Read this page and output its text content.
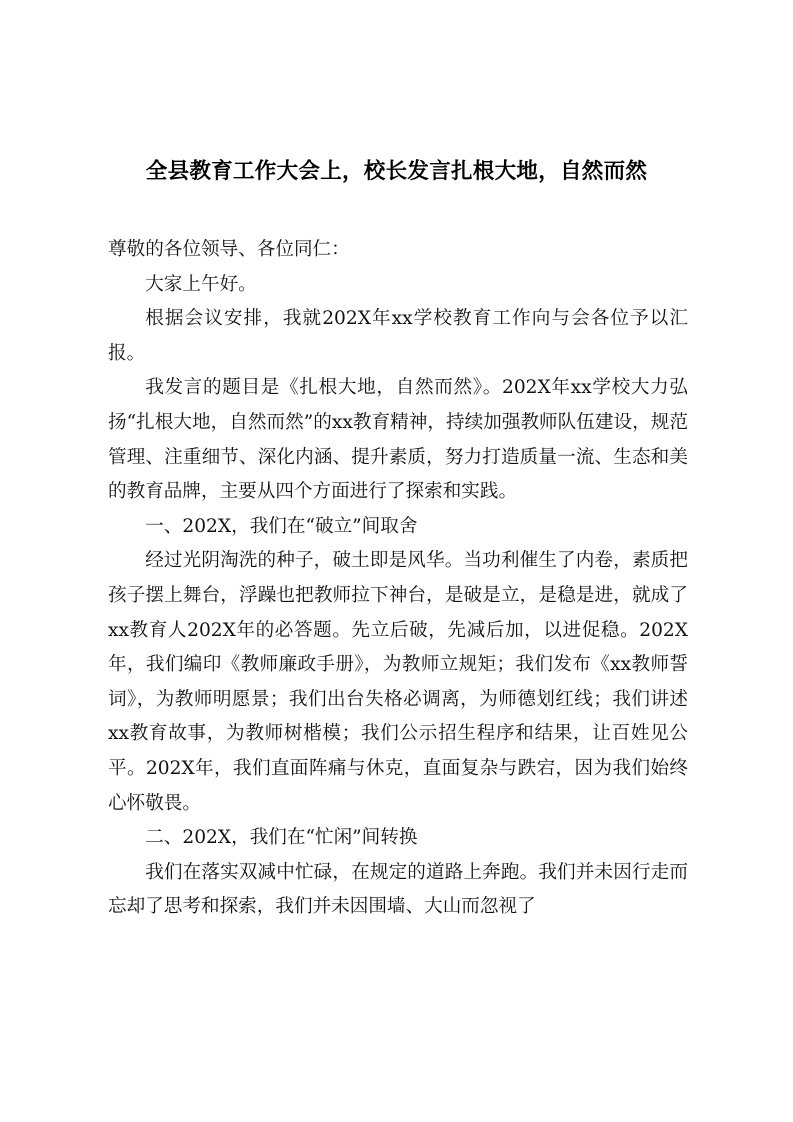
全县教育工作大会上，校长发言扎根大地，自然而然

尊敬的各位领导、各位同仁：

大家上午好。

根据会议安排，我就202X年xx学校教育工作向与会各位予以汇报。

我发言的题目是《扎根大地，自然而然》。202X年xx学校大力弘扬“扎根大地，自然而然”的xx教育精神，持续加强教师队伍建设，规范管理、注重细节、深化内涵、提升素质，努力打造质量一流、生态和美的教育品牌，主要从四个方面进行了探索和实践。

一、202X，我们在“破立”间取舍

经过光阴淘洗的种子，破土即是风华。当功利催生了内卷，素质把孩子摆上舞台，浮躁也把教师拉下神台，是破是立，是稳是进，就成了xx教育人202X年的必答题。先立后破，先减后加，以进促稳。202X年，我们编印《教师廉政手册》，为教师立规矩；我们发布《xx教师誓词》，为教师明愿景；我们出台失格必调离，为师德划红线；我们讲述xx教育故事，为教师树楷模；我们公示招生程序和结果，让百姓见公平。202X年，我们直面阵痛与休克，直面复杂与跌宕，因为我们始终心怀敬畏。

二、202X，我们在“忙闲”间转换

我们在落实双减中忙碌，在规定的道路上奔跑。我们并未因行走而忘却了思考和探索，我们并未因围墙、大山而忽视了
